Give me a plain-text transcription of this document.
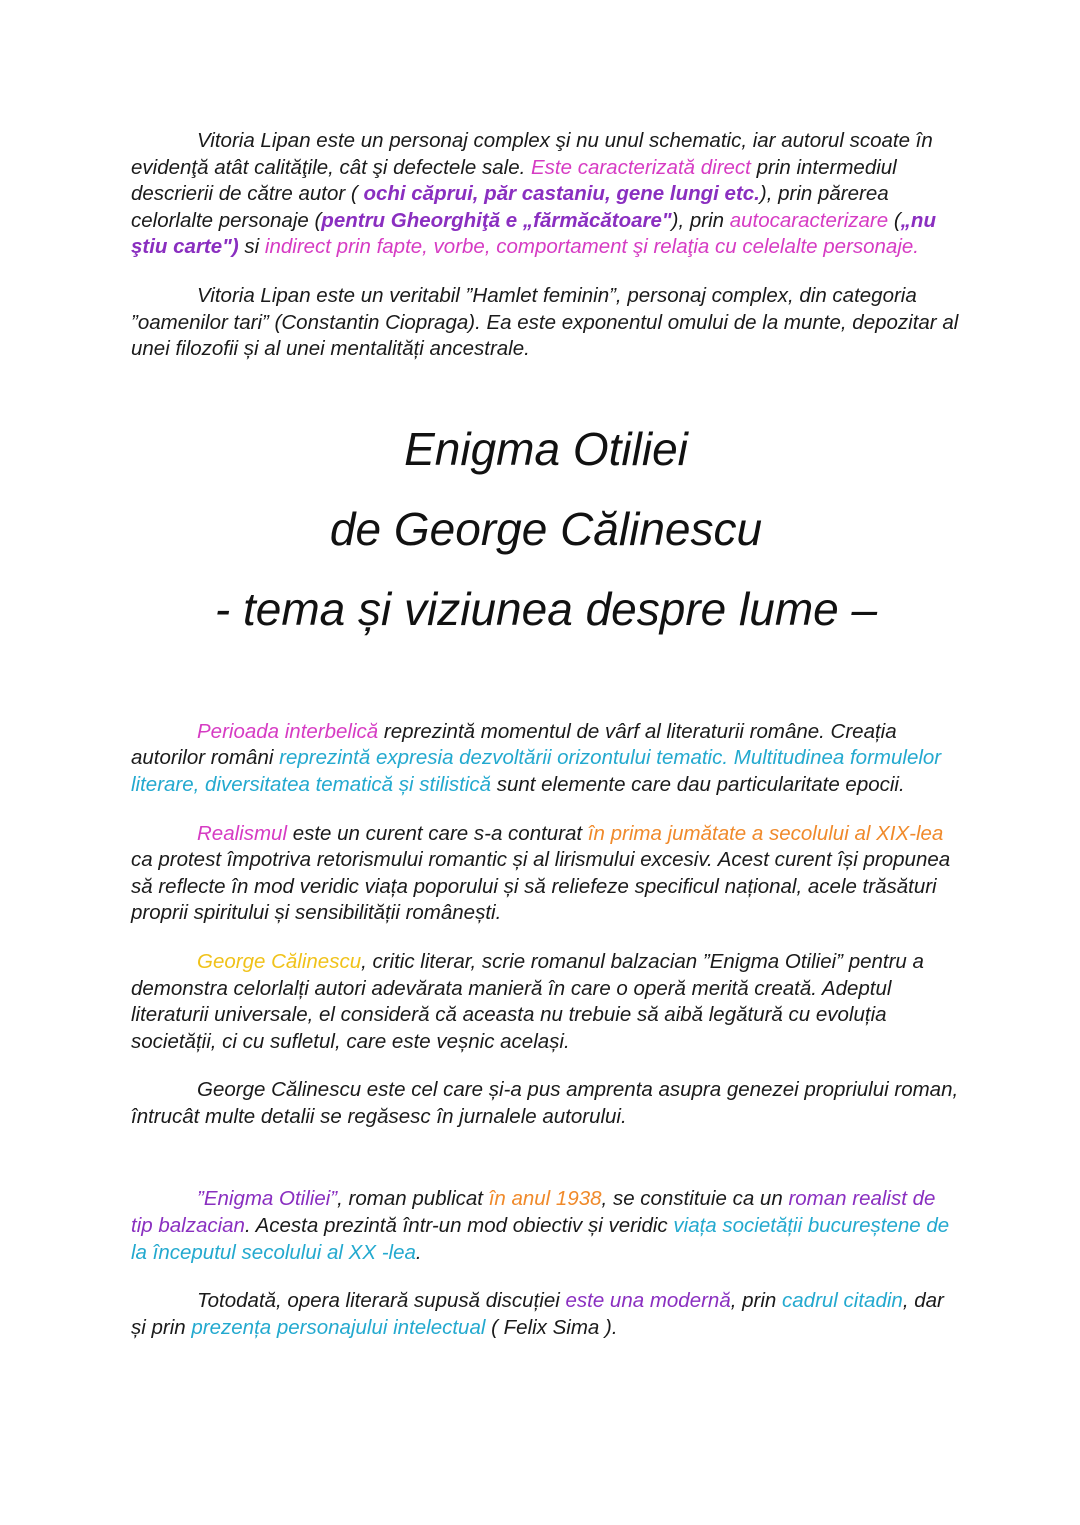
Vitoria Lipan este un personaj complex şi nu unul schematic, iar autorul scoate în evidenţă atât calităţile, cât şi defectele sale. Este caracterizată direct prin intermediul descrierii de către autor ( ochi căprui, păr castaniu, gene lungi etc.), prin părerea celorlalte personaje (pentru Gheorghiţă e „fărmăcătoare"), prin autocaracterizare („nu ştiu carte") si indirect prin fapte, vorbe, comportament şi relaţia cu celelalte personaje.

Vitoria Lipan este un veritabil ”Hamlet feminin”, personaj complex, din categoria ”oamenilor tari” (Constantin Ciopraga). Ea este exponentul omului de la munte, depozitar al unei filozofii și al unei mentalități ancestrale.

Enigma Otiliei
de George Călinescu
- tema și viziunea despre lume –

Perioada interbelică reprezintă momentul de vârf al literaturii române. Creația autorilor români reprezintă expresia dezvoltării orizontului tematic. Multitudinea formulelor literare, diversitatea tematică și stilistică sunt elemente care dau particularitate epocii.

Realismul este un curent care s-a conturat în prima jumătate a secolului al XIX-lea ca protest împotriva retorismului romantic și al lirismului excesiv. Acest curent își propunea să reflecte în mod veridic viața poporului și să reliefeze specificul național, acele trăsături proprii spiritului și sensibilității românești.

George Călinescu, critic literar, scrie romanul balzacian ”Enigma Otiliei” pentru a demonstra celorlalți autori adevărata manieră în care o operă merită creată. Adeptul literaturii universale, el consideră că aceasta nu trebuie să aibă legătură cu evoluția societății, ci cu sufletul, care este veșnic același.

George Călinescu este cel care și-a pus amprenta asupra genezei propriului roman, întrucât multe detalii se regăsesc în jurnalele autorului.

”Enigma Otiliei”, roman publicat în anul 1938, se constituie ca un roman realist de tip balzacian. Acesta prezintă într-un mod obiectiv și veridic viața societății bucureștene de la începutul secolului al XX -lea.

Totodată, opera literară supusă discuției este una modernă, prin cadrul citadin, dar și prin prezența personajului intelectual ( Felix Sima ).
